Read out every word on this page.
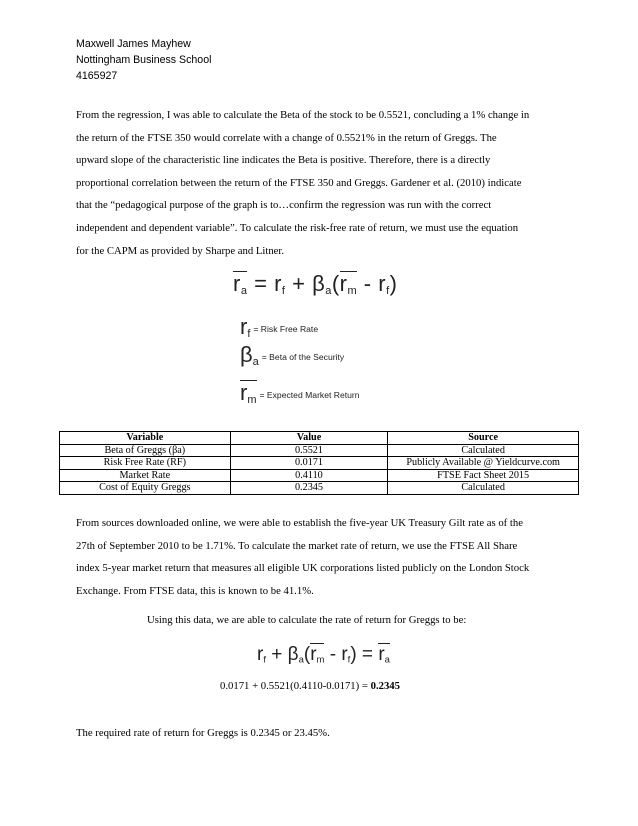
Maxwell James Mayhew
Nottingham Business School
4165927
From the regression, I was able to calculate the Beta of the stock to be 0.5521, concluding a 1% change in
the return of the FTSE 350 would correlate with a change of 0.5521% in the return of Greggs. The
upward slope of the characteristic line indicates the Beta is positive. Therefore, there is a directly
proportional correlation between the return of the FTSE 350 and Greggs. Gardener et al. (2010) indicate
that the “pedagogical purpose of the graph is to…confirm the regression was run with the correct
independent and dependent variable”. To calculate the risk-free rate of return, we must use the equation
for the CAPM as provided by Sharpe and Litner.
$r_a = r_f + \beta_a(r_m - r_f)$
$r_f$ = Risk Free Rate
$\beta_a$ = Beta of the Security
$r_m$ = Expected Market Return
Variable	Value	Source
Beta of Greggs (βa)	0.5521	Calculated
Risk Free Rate (RF)	0.0171	Publicly Available @ Yieldcurve.com
Market Rate	0.4110	FTSE Fact Sheet 2015
Cost of Equity Greggs	0.2345	Calculated
From sources downloaded online, we were able to establish the five-year UK Treasury Gilt rate as of the
27th of September 2010 to be 1.71%. To calculate the market rate of return, we use the FTSE All Share
index 5-year market return that measures all eligible UK corporations listed publicly on the London Stock
Exchange. From FTSE data, this is known to be 41.1%.
Using this data, we are able to calculate the rate of return for Greggs to be:
$r_f + \beta_a(r_m - r_f) = r_a$
0.0171 + 0.5521(0.4110-0.0171) = 0.2345
The required rate of return for Greggs is 0.2345 or 23.45%.
